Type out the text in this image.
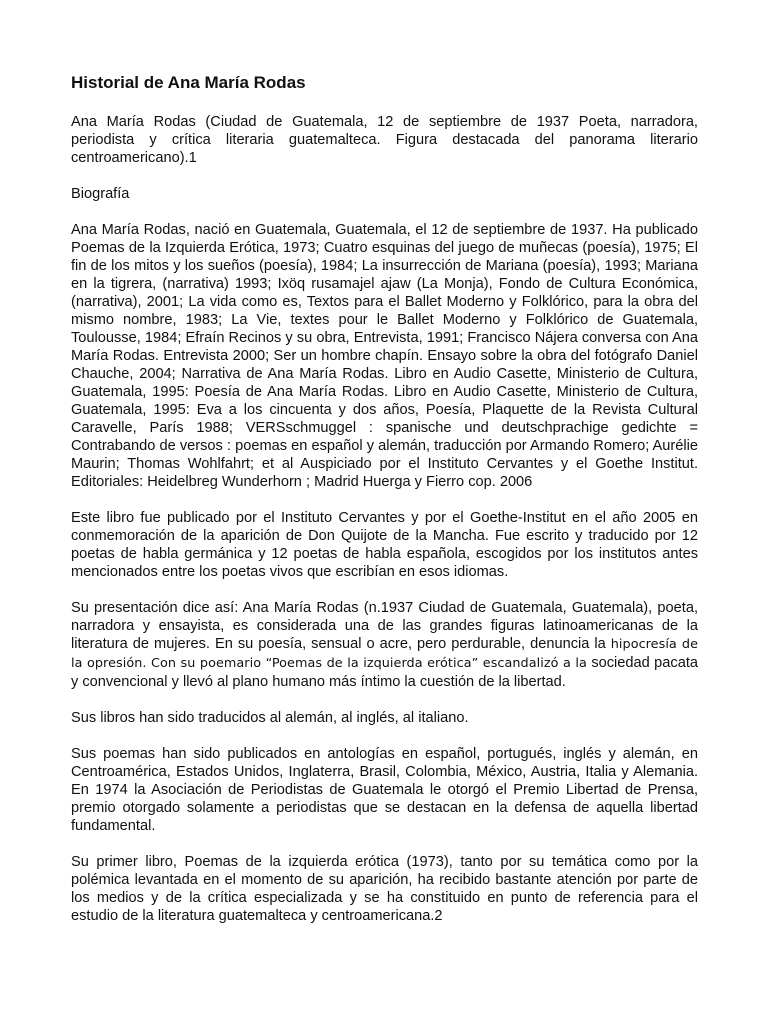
Historial de Ana María Rodas

Ana María Rodas (Ciudad de Guatemala, 12 de septiembre de 1937 Poeta, narradora, periodista y crítica literaria guatemalteca. Figura destacada del panorama literario centroamericano).1

Biografía

Ana María Rodas, nació en Guatemala, Guatemala, el 12 de septiembre de 1937. Ha publicado Poemas de la Izquierda Erótica, 1973; Cuatro esquinas del juego de muñecas (poesía), 1975; El fin de los mitos y los sueños (poesía), 1984; La insurrección de Mariana (poesía), 1993; Mariana en la tigrera, (narrativa) 1993; Ixöq rusamajel ajaw (La Monja), Fondo de Cultura Económica, (narrativa), 2001; La vida como es, Textos para el Ballet Moderno y Folklórico, para la obra del mismo nombre, 1983; La Vie, textes pour le Ballet Moderno y Folklórico de Guatemala, Toulousse, 1984; Efraín Recinos y su obra, Entrevista, 1991; Francisco Nájera conversa con Ana María Rodas. Entrevista 2000; Ser un hombre chapín. Ensayo sobre la obra del fotógrafo Daniel Chauche, 2004; Narrativa de Ana María Rodas. Libro en Audio Casette, Ministerio de Cultura, Guatemala, 1995: Poesía de Ana María Rodas. Libro en Audio Casette, Ministerio de Cultura, Guatemala, 1995: Eva a los cincuenta y dos años, Poesía, Plaquette de la Revista Cultural Caravelle, París 1988; VERSschmuggel : spanische und deutschprachige gedichte = Contrabando de versos : poemas en español y alemán, traducción por Armando Romero; Aurélie Maurin; Thomas Wohlfahrt; et al Auspiciado por el Instituto Cervantes y el Goethe Institut. Editoriales: Heidelbreg Wunderhorn ; Madrid Huerga y Fierro cop. 2006

Este libro fue publicado por el Instituto Cervantes y por el Goethe-Institut en el año 2005 en conmemoración de la aparición de Don Quijote de la Mancha. Fue escrito y traducido por 12 poetas de habla germánica y 12 poetas de habla española, escogidos por los institutos antes mencionados entre los poetas vivos que escribían en esos idiomas.

Su presentación dice así: Ana María Rodas (n.1937 Ciudad de Guatemala, Guatemala), poeta, narradora y ensayista, es considerada una de las grandes figuras latinoamericanas de la literatura de mujeres. En su poesía, sensual o acre, pero perdurable, denuncia la hipocresía de la opresión. Con su poemario “Poemas de la izquierda erótica” escandalizó a la sociedad pacata y convencional y llevó al plano humano más íntimo la cuestión de la libertad.

Sus libros han sido traducidos al alemán, al inglés, al italiano.

Sus poemas han sido publicados en antologías en español, portugués, inglés y alemán, en Centroamérica, Estados Unidos, Inglaterra, Brasil, Colombia, México, Austria, Italia y Alemania. En 1974 la Asociación de Periodistas de Guatemala le otorgó el Premio Libertad de Prensa, premio otorgado solamente a periodistas que se destacan en la defensa de aquella libertad fundamental.

Su primer libro, Poemas de la izquierda erótica (1973), tanto por su temática como por la polémica levantada en el momento de su aparición, ha recibido bastante atención por parte de los medios y de la crítica especializada y se ha constituido en punto de referencia para el estudio de la literatura guatemalteca y centroamericana.2
